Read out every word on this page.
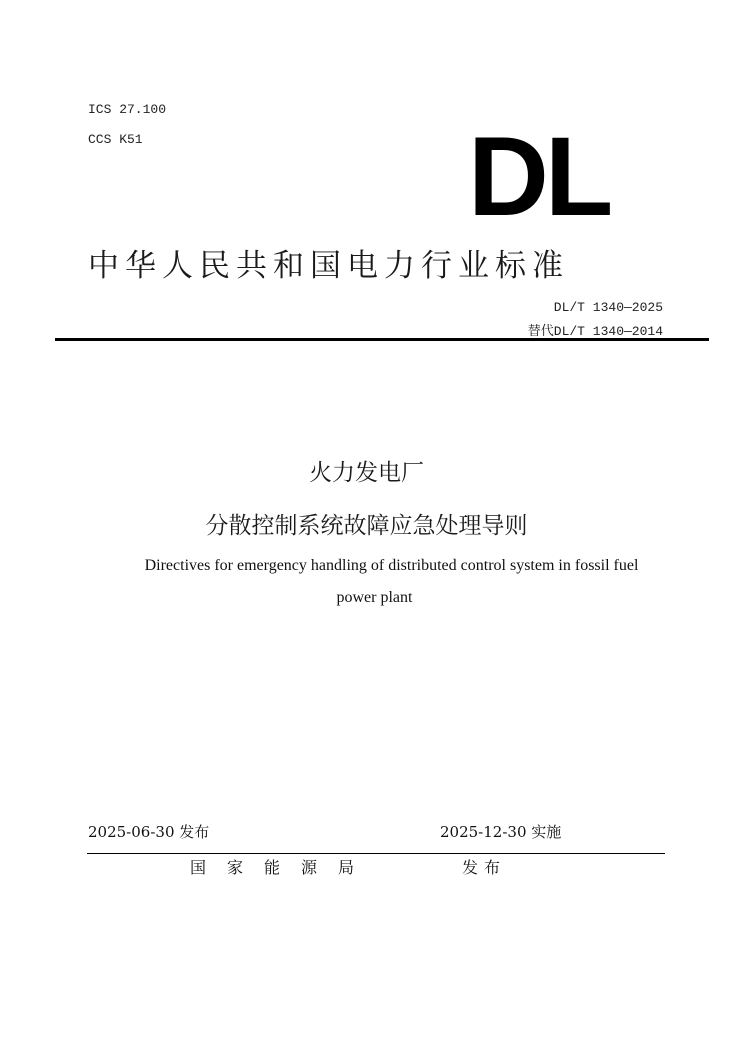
ICS 27.100
CCS K51	DL
中华人民共和国电力行业标准
DL/T 1340—2025
替代DL/T 1340—2014
火力发电厂
分散控制系统故障应急处理导则
Directives for emergency handling of distributed control system in fossil fuel
power plant
2025-06-30 发布	2025-12-30 实施
国家能源局	发布
